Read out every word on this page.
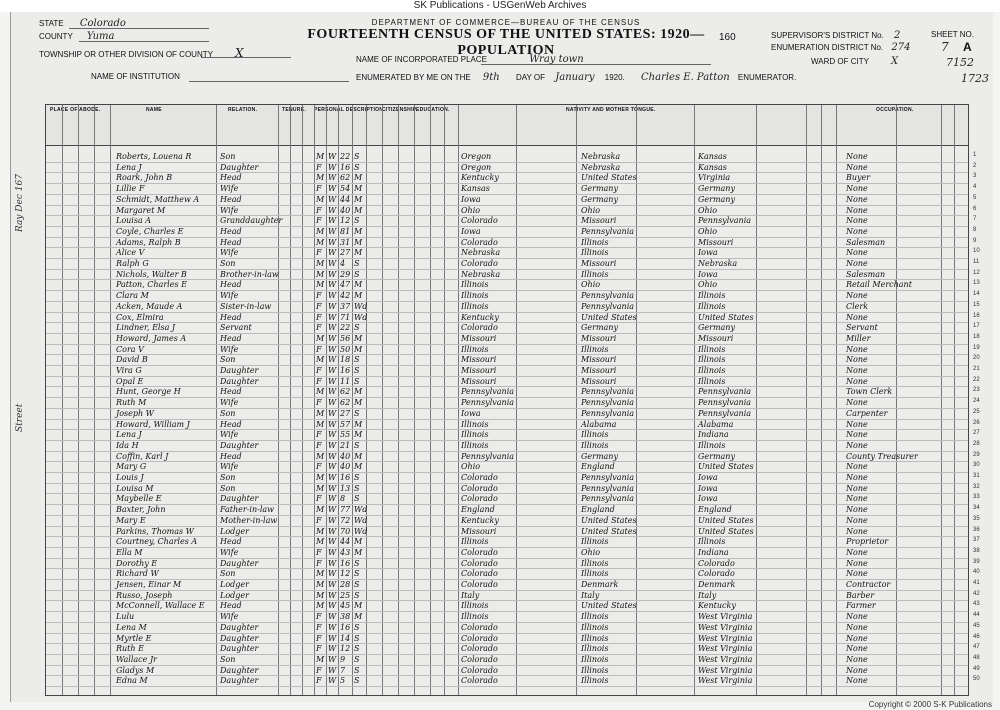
SK Publications - USGenWeb Archives
STATE Colorado
COUNTY Yuma
TOWNSHIP OR OTHER DIVISION OF COUNTY X
NAME OF INSTITUTION
DEPARTMENT OF COMMERCE—BUREAU OF THE CENSUS
FOURTEENTH CENSUS OF THE UNITED STATES: 1920—POPULATION
160
NAME OF INCORPORATED PLACE	Wray town
ENUMERATED BY ME ON THE 9th DAY OF January 1920. Charles E. Patton ENUMERATOR.
SUPERVISOR'S DISTRICT No. 2
ENUMERATION DISTRICT No. 274
SHEET NO.
7 A
WARD OF CITY X	7152
1723
Ray Dec 167
Street
PLACE OF ABODE.	NAME	RELATION.	TENURE. PERSONAL DESCRIPTION.
CITIZENSHIP.
EDUCATION.	NATIVITY AND MOTHER TONGUE.	OCCUPATION.
Roberts, Louena R	Son	M W 22 S	Oregon	Nebraska	Kansas	None
Lena J	Daughter	F W 16 S	Oregon	Nebraska	Kansas	None
Roark, John B	Head	M W 62 M	Kentucky	United States	Virginia	Buyer
Lillie F	Wife	F W 54 M	Kansas	Germany	Germany	None
Schmidt, Matthew A	Head	M W 44 M	Iowa	Germany	Germany	None
Margaret M	Wife	F W 40 M	Ohio	Ohio	Ohio	None
Louisa A	Granddaughter	F W 12 S	Colorado	Missouri	Pennsylvania	None
Coyle, Charles E	Head	M W 81 M	Iowa	Pennsylvania	Ohio	None
Adams, Ralph B	Head	M W 31 M	Colorado	Illinois	Missouri	Salesman
Alice V	Wife	F W 27 M	Nebraska	Illinois	Iowa	None
Ralph G	Son	M W 4 S	Colorado	Missouri	Nebraska	None
Nichols, Walter B	Brother-in-law	M W 29 S	Nebraska	Illinois	Iowa	Salesman
Patton, Charles E	Head	M W 47 M	Illinois	Ohio	Ohio	Retail Merchant
Clara M	Wife	F W 42 M	Illinois	Pennsylvania	Illinois	None
Acken, Maude A	Sister-in-law	F W 37 Wd	Illinois	Pennsylvania	Illinois	Clerk
Cox, Elmira	Head	F W 71 Wd	Kentucky	United States	United States	None
Lindner, Elsa J	Servant	F W 22 S	Colorado	Germany	Germany	Servant
Howard, James A	Head	M W 56 M	Missouri	Missouri	Missouri	Miller
Cora V	Wife	F W 50 M	Illinois	Illinois	Illinois	None
David B	Son	M W 18 S	Missouri	Missouri	Illinois	None
Vira G	Daughter	F W 16 S	Missouri	Missouri	Illinois	None
Opal E	Daughter	F W 11 S	Missouri	Missouri	Illinois	None
Hunt, George H	Head	M W 62 M	Pennsylvania	Pennsylvania	Pennsylvania	Town Clerk
Ruth M	Wife	F W 62 M	Pennsylvania	Pennsylvania	Pennsylvania	None
Joseph W	Son	M W 27 S	Iowa	Pennsylvania	Pennsylvania	Carpenter
Howard, William J	Head	M W 57 M	Illinois	Alabama	Alabama	None
Lena J	Wife	F W 55 M	Illinois	Illinois	Indiana	None
Ida H	Daughter	F W 21 S	Illinois	Illinois	Illinois	None
Coffin, Karl J	Head	M W 40 M	Pennsylvania	Germany	Germany	County Treasurer
Mary G	Wife	F W 40 M	Ohio	England	United States	None
Louis J	Son	M W 16 S	Colorado	Pennsylvania	Iowa	None
Louisa M	Son	M W 13 S	Colorado	Pennsylvania	Iowa	None
Maybelle E	Daughter	F W 8 S	Colorado	Pennsylvania	Iowa	None
Baxter, John	Father-in-law	M W 77 Wd	England	England	England	None
Mary E	Mother-in-law	F W 72 Wd	Kentucky	United States	United States	None
Parkins, Thomas W	Lodger	M W 70 Wd	Missouri	United States	United States	None
Courtney, Charles A	Head	M W 44 M	Illinois	Illinois	Illinois	Proprietor
Ella M	Wife	F W 43 M	Colorado	Ohio	Indiana	None
Dorothy E	Daughter	F W 16 S	Colorado	Illinois	Colorado	None
Richard W	Son	M W 12 S	Colorado	Illinois	Colorado	None
Jensen, Einar M	Lodger	M W 28 S	Colorado	Denmark	Denmark	Contractor
Russo, Joseph	Lodger	M W 25 S	Italy	Italy	Italy	Barber
McConnell, Wallace E Head	M W 45 M	Illinois	United States	Kentucky	Farmer
Lulu	Wife	F W 38 M	Illinois	Illinois	West Virginia	None
Lena M	Daughter	F W 16 S	Colorado	Illinois	West Virginia	None
Myrtle E	Daughter	F W 14 S	Colorado	Illinois	West Virginia	None
Ruth E	Daughter	F W 12 S	Colorado	Illinois	West Virginia	None
Wallace Jr	Son	M W 9 S	Colorado	Illinois	West Virginia	None
Gladys M	Daughter	F W 7 S	Colorado	Illinois	West Virginia	None
Edna M	Daughter	F W 5 S	Colorado	Illinois	West Virginia	None
1
2
3
4
5
6
7
8
9
10
11
12
13
14
15
16
17
18
19
20
21
22
23
24
25
26
27
28
29
30
31
32
33
34
35
36
37
38
39
40
41
42
43
44
45
46
47
48
49
50
Copyright © 2000 S-K Publications
